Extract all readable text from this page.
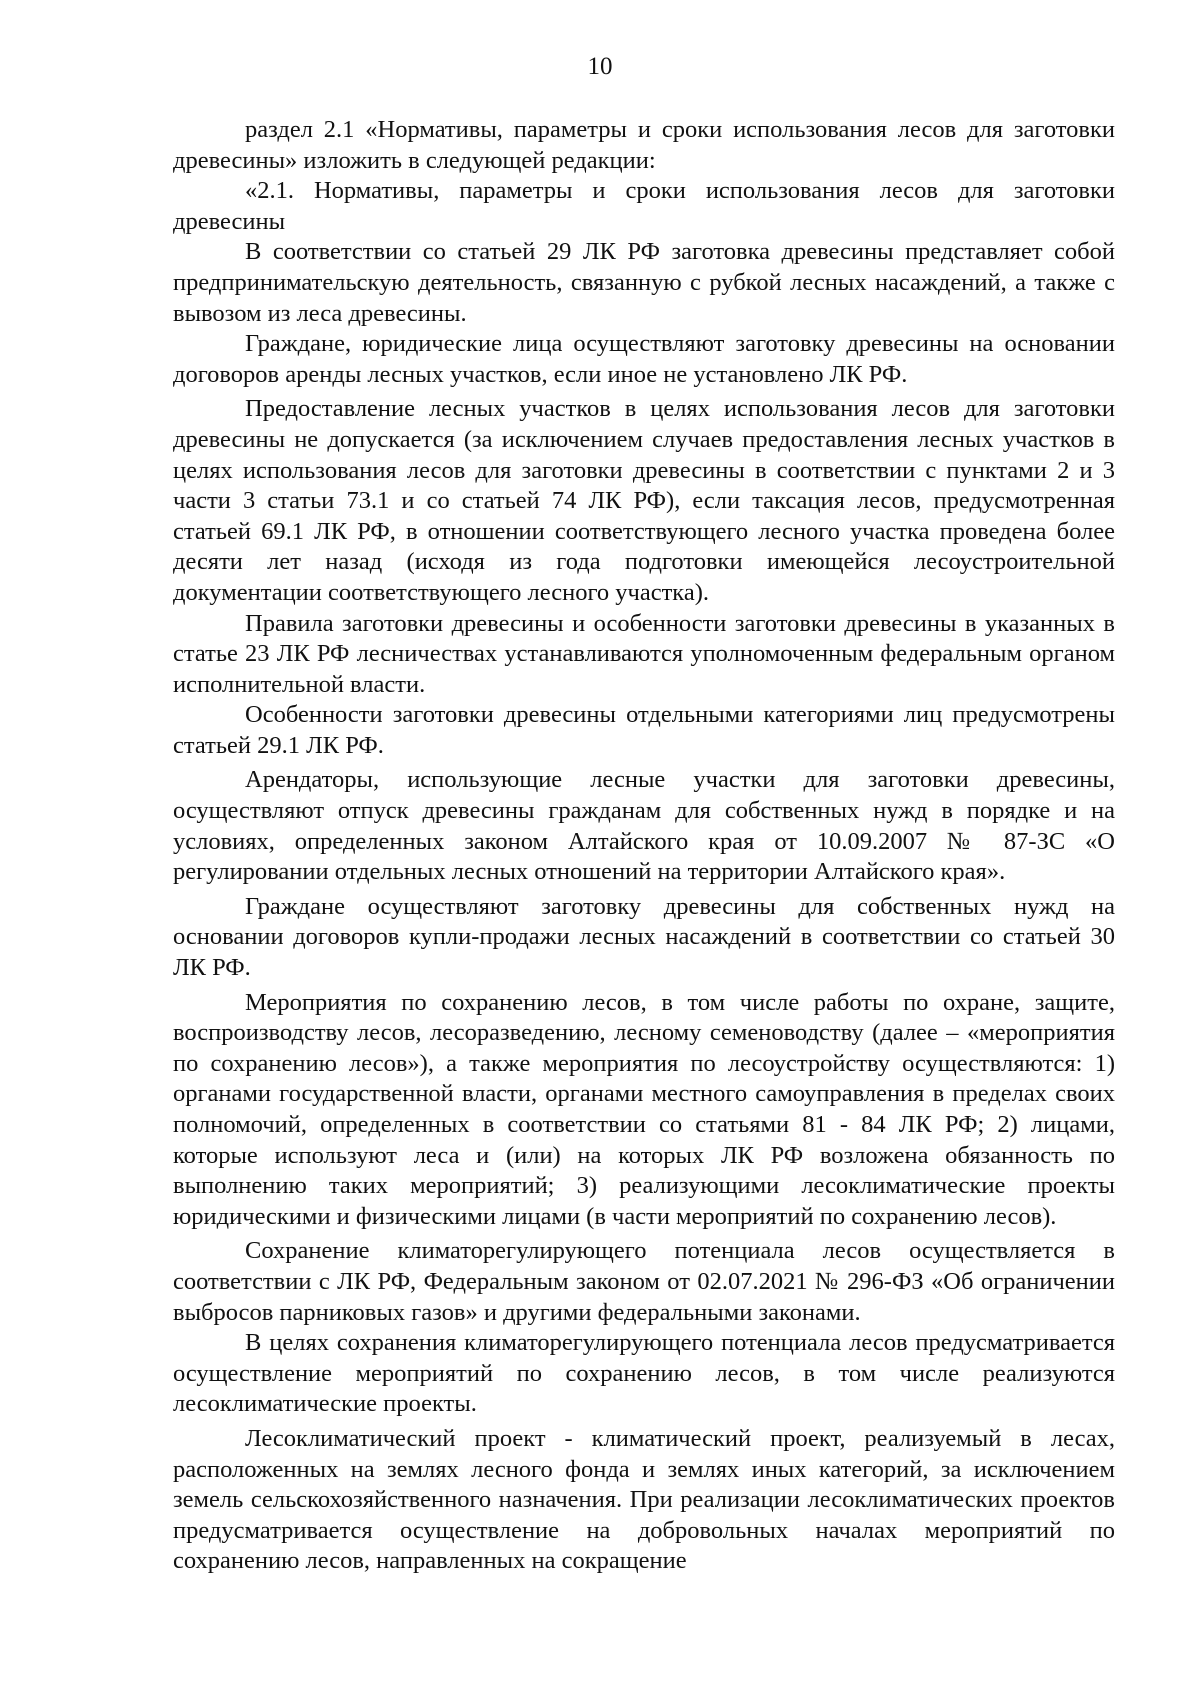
10

раздел 2.1 «Нормативы, параметры и сроки использования лесов для заготовки древесины» изложить в следующей редакции:

«2.1. Нормативы, параметры и сроки использования лесов для заготовки древесины

В соответствии со статьей 29 ЛК РФ заготовка древесины представляет собой предпринимательскую деятельность, связанную с рубкой лесных насаждений, а также с вывозом из леса древесины.

Граждане, юридические лица осуществляют заготовку древесины на основании договоров аренды лесных участков, если иное не установлено ЛК РФ.

Предоставление лесных участков в целях использования лесов для заготовки древесины не допускается (за исключением случаев предоставления лесных участков в целях использования лесов для заготовки древесины в соответствии с пунктами 2 и 3 части 3 статьи 73.1 и со статьей 74 ЛК РФ), если таксация лесов, предусмотренная статьей 69.1 ЛК РФ, в отношении соответствующего лесного участка проведена более десяти лет назад (исходя из года подготовки имеющейся лесоустроительной документации соответствующего лесного участка).

Правила заготовки древесины и особенности заготовки древесины в указанных в статье 23 ЛК РФ лесничествах устанавливаются уполномоченным федеральным органом исполнительной власти.

Особенности заготовки древесины отдельными категориями лиц предусмотрены статьей 29.1 ЛК РФ.

Арендаторы, использующие лесные участки для заготовки древесины, осуществляют отпуск древесины гражданам для собственных нужд в порядке и на условиях, определенных законом Алтайского края от 10.09.2007 № 87-ЗС «О регулировании отдельных лесных отношений на территории Алтайского края».

Граждане осуществляют заготовку древесины для собственных нужд на основании договоров купли-продажи лесных насаждений в соответствии со статьей 30 ЛК РФ.

Мероприятия по сохранению лесов, в том числе работы по охране, защите, воспроизводству лесов, лесоразведению, лесному семеноводству (далее – «мероприятия по сохранению лесов»), а также мероприятия по лесоустройству осуществляются: 1) органами государственной власти, органами местного самоуправления в пределах своих полномочий, определенных в соответствии со статьями 81 - 84 ЛК РФ; 2) лицами, которые используют леса и (или) на которых ЛК РФ возложена обязанность по выполнению таких мероприятий; 3) реализующими лесоклиматические проекты юридическими и физическими лицами (в части мероприятий по сохранению лесов).

Сохранение климаторегулирующего потенциала лесов осуществляется в соответствии с ЛК РФ, Федеральным законом от 02.07.2021 № 296-ФЗ «Об ограничении выбросов парниковых газов» и другими федеральными законами.

В целях сохранения климаторегулирующего потенциала лесов предусматривается осуществление мероприятий по сохранению лесов, в том числе реализуются лесоклиматические проекты.

Лесоклиматический проект - климатический проект, реализуемый в лесах, расположенных на землях лесного фонда и землях иных категорий, за исключением земель сельскохозяйственного назначения. При реализации лесоклиматических проектов предусматривается осуществление на добровольных началах мероприятий по сохранению лесов, направленных на сокращение
